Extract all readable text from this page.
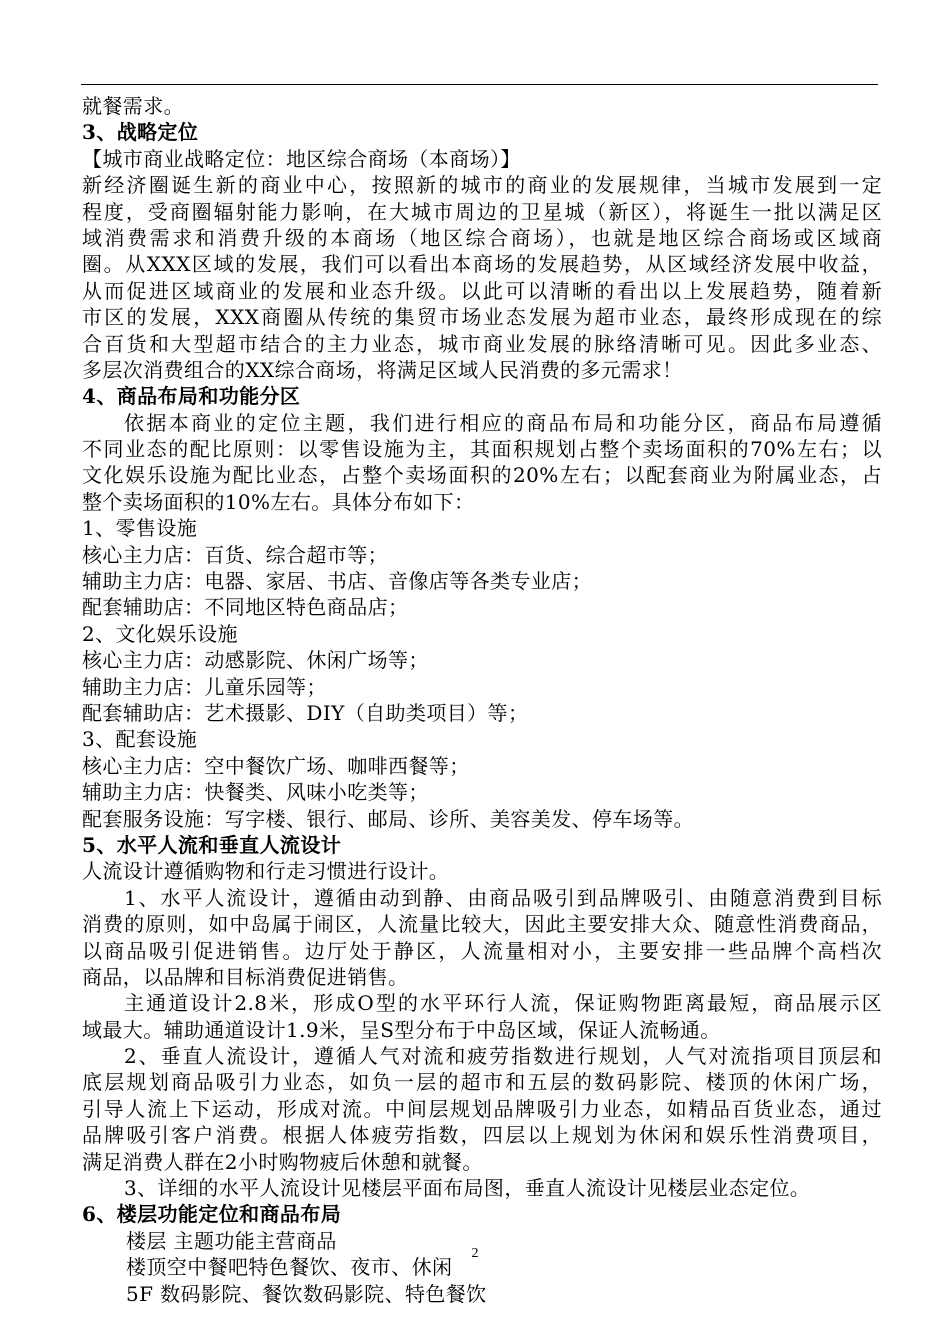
就餐需求。
3、战略定位
【城市商业战略定位：地区综合商场（本商场）】
新经济圈诞生新的商业中心，按照新的城市的商业的发展规律，当城市发展到一定
程度，受商圈辐射能力影响，在大城市周边的卫星城（新区），将诞生一批以满足区
域消费需求和消费升级的本商场（地区综合商场），也就是地区综合商场或区域商
圈。从XXX区域的发展，我们可以看出本商场的发展趋势，从区域经济发展中收益，
从而促进区域商业的发展和业态升级。以此可以清晰的看出以上发展趋势，随着新
市区的发展，XXX商圈从传统的集贸市场业态发展为超市业态，最终形成现在的综
合百货和大型超市结合的主力业态，城市商业发展的脉络清晰可见。因此多业态、
多层次消费组合的XX综合商场，将满足区域人民消费的多元需求！
4、商品布局和功能分区
依据本商业的定位主题，我们进行相应的商品布局和功能分区，商品布局遵循
不同业态的配比原则：以零售设施为主，其面积规划占整个卖场面积的70%左右；以
文化娱乐设施为配比业态，占整个卖场面积的20%左右；以配套商业为附属业态，占
整个卖场面积的10%左右。具体分布如下：
1、零售设施
核心主力店：百货、综合超市等；
辅助主力店：电器、家居、书店、音像店等各类专业店；
配套辅助店：不同地区特色商品店；
2、文化娱乐设施
核心主力店：动感影院、休闲广场等；
辅助主力店：儿童乐园等；
配套辅助店：艺术摄影、DIY（自助类项目）等；
3、配套设施
核心主力店：空中餐饮广场、咖啡西餐等；
辅助主力店：快餐类、风味小吃类等；
配套服务设施：写字楼、银行、邮局、诊所、美容美发、停车场等。
5、水平人流和垂直人流设计
人流设计遵循购物和行走习惯进行设计。
1、水平人流设计，遵循由动到静、由商品吸引到品牌吸引、由随意消费到目标
消费的原则，如中岛属于闹区，人流量比较大，因此主要安排大众、随意性消费商品，
以商品吸引促进销售。边厅处于静区，人流量相对小，主要安排一些品牌个高档次
商品，以品牌和目标消费促进销售。
主通道设计2.8米，形成O型的水平环行人流，保证购物距离最短，商品展示区
域最大。辅助通道设计1.9米，呈S型分布于中岛区域，保证人流畅通。
2、垂直人流设计，遵循人气对流和疲劳指数进行规划，人气对流指项目顶层和
底层规划商品吸引力业态，如负一层的超市和五层的数码影院、楼顶的休闲广场，
引导人流上下运动，形成对流。中间层规划品牌吸引力业态，如精品百货业态，通过
品牌吸引客户消费。根据人体疲劳指数，四层以上规划为休闲和娱乐性消费项目，
满足消费人群在2小时购物疲后休憩和就餐。
3、详细的水平人流设计见楼层平面布局图，垂直人流设计见楼层业态定位。
6、楼层功能定位和商品布局
楼层 主题功能主营商品
楼顶空中餐吧特色餐饮、夜市、休闲
5F 数码影院、餐饮数码影院、特色餐饮
2
